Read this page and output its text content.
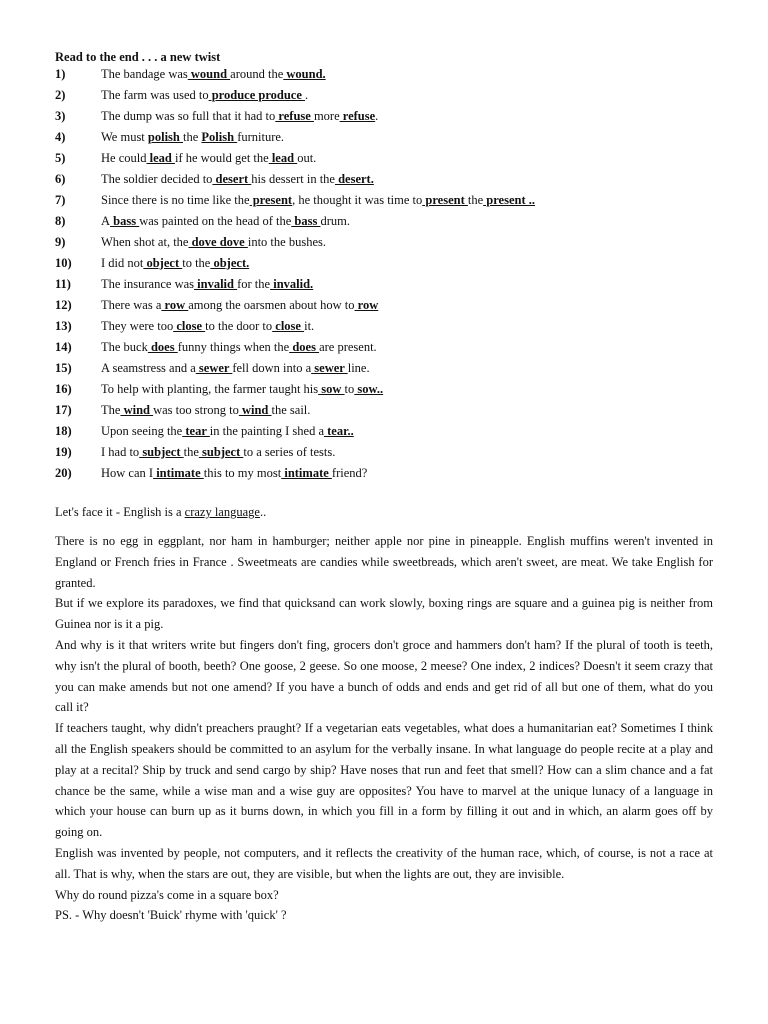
Read to the end . . . a new twist
1)	The bandage was wound around the wound.
2)	The farm was used to produce produce .
3)	The dump was so full that it had to refuse more refuse.
4)	We must polish the Polish furniture.
5)	He could lead if he would get the lead out.
6)	The soldier decided to desert his dessert in the desert.
7)	Since there is no time like the present, he thought it was time to present the present ..
8)	A bass was painted on the head of the bass drum.
9)	When shot at, the dove dove into the bushes.
10) I did not object to the object.
11) The insurance was invalid for the invalid.
12) There was a row among the oarsmen about how to row
13) They were too close to the door to close it.
14) The buck does funny things when the does are present.
15) A seamstress and a sewer fell down into a sewer line.
16) To help with planting, the farmer taught his sow to sow..
17) The wind was too strong to wind the sail.
18) Upon seeing the tear in the painting I shed a tear..
19) I had to subject the subject to a series of tests.
20) How can I intimate this to my most intimate friend?
Let's face it - English is a crazy language..

There is no egg in eggplant, nor ham in hamburger; neither apple nor pine in pineapple. English muffins weren't invented in England or French fries in France . Sweetmeats are candies while sweetbreads, which aren't sweet, are meat. We take English for granted.

But if we explore its paradoxes, we find that quicksand can work slowly, boxing rings are square and a guinea pig is neither from Guinea nor is it a pig.

And why is it that writers write but fingers don't fing, grocers don't groce and hammers don't ham? If the plural of tooth is teeth, why isn't the plural of booth, beeth? One goose, 2 geese. So one moose, 2 meese? One index, 2 indices? Doesn't it seem crazy that you can make amends but not one amend? If you have a bunch of odds and ends and get rid of all but one of them, what do you call it?

If teachers taught, why didn't preachers praught? If a vegetarian eats vegetables, what does a humanitarian eat? Sometimes I think all the English speakers should be committed to an asylum for the verbally insane. In what language do people recite at a play and play at a recital? Ship by truck and send cargo by ship? Have noses that run and feet that smell? How can a slim chance and a fat chance be the same, while a wise man and a wise guy are opposites? You have to marvel at the unique lunacy of a language in which your house can burn up as it burns down, in which you fill in a form by filling it out and in which, an alarm goes off by going on.

English was invented by people, not computers, and it reflects the creativity of the human race, which, of course, is not a race at all. That is why, when the stars are out, they are visible, but when the lights are out, they are invisible.

Why do round pizza's come in a square box?

PS. - Why doesn't 'Buick' rhyme with 'quick' ?
